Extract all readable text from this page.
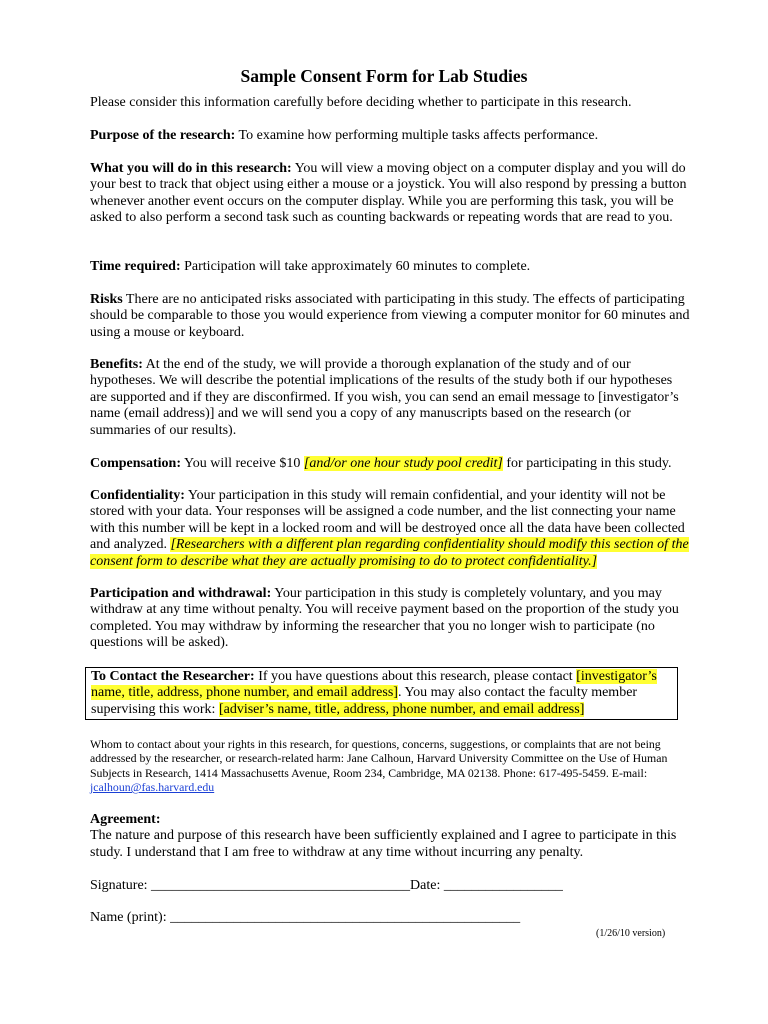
Sample Consent Form for Lab Studies

Please consider this information carefully before deciding whether to participate in this research.

Purpose of the research: To examine how performing multiple tasks affects performance.

What you will do in this research: You will view a moving object on a computer display and you will do your best to track that object using either a mouse or a joystick. You will also respond by pressing a button whenever another event occurs on the computer display. While you are performing this task, you will be asked to also perform a second task such as counting backwards or repeating words that are read to you.

Time required: Participation will take approximately 60 minutes to complete.

Risks There are no anticipated risks associated with participating in this study. The effects of participating should be comparable to those you would experience from viewing a computer monitor for 60 minutes and using a mouse or keyboard.

Benefits: At the end of the study, we will provide a thorough explanation of the study and of our hypotheses. We will describe the potential implications of the results of the study both if our hypotheses are supported and if they are disconfirmed. If you wish, you can send an email message to [investigator’s name (email address)] and we will send you a copy of any manuscripts based on the research (or summaries of our results).

Compensation: You will receive $10 [and/or one hour study pool credit] for participating in this study.

Confidentiality: Your participation in this study will remain confidential, and your identity will not be stored with your data. Your responses will be assigned a code number, and the list connecting your name with this number will be kept in a locked room and will be destroyed once all the data have been collected and analyzed. [Researchers with a different plan regarding confidentiality should modify this section of the consent form to describe what they are actually promising to do to protect confidentiality.]

Participation and withdrawal: Your participation in this study is completely voluntary, and you may withdraw at any time without penalty. You will receive payment based on the proportion of the study you completed. You may withdraw by informing the researcher that you no longer wish to participate (no questions will be asked).

To Contact the Researcher: If you have questions about this research, please contact [investigator’s name, title, address, phone number, and email address]. You may also contact the faculty member supervising this work: [adviser’s name, title, address, phone number, and email address]

Whom to contact about your rights in this research, for questions, concerns, suggestions, or complaints that are not being addressed by the researcher, or research-related harm: Jane Calhoun, Harvard University Committee on the Use of Human Subjects in Research, 1414 Massachusetts Avenue, Room 234, Cambridge, MA 02138. Phone: 617-495-5459. E-mail: jcalhoun@fas.harvard.edu

Agreement:
The nature and purpose of this research have been sufficiently explained and I agree to participate in this study. I understand that I am free to withdraw at any time without incurring any penalty.

Signature: _____________________________________Date: _________________

Name (print): __________________________________________________

(1/26/10 version)
